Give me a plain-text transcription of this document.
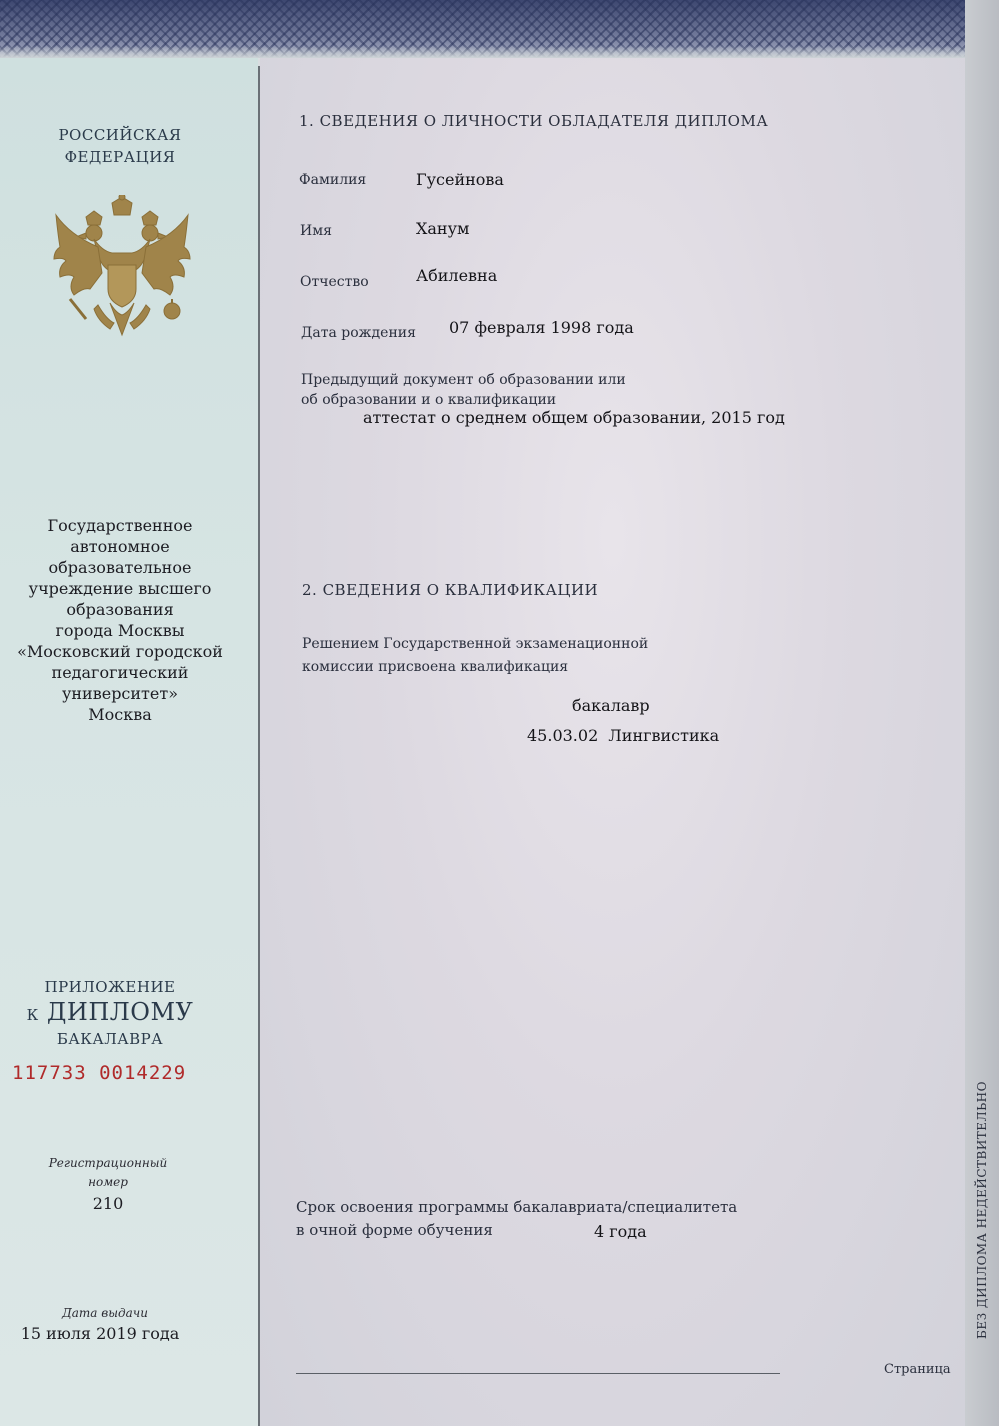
РОССИЙСКАЯ
ФЕДЕРАЦИЯ
Государственное
автономное
образовательное
учреждение высшего
образования
города Москвы
«Московский городской
педагогический
университет»
Москва
ПРИЛОЖЕНИЕ
К ДИПЛОМУ
БАКАЛАВРА
117733 0014229
Регистрационный
номер
210
Дата выдачи
15 июля 2019 года
1. СВЕДЕНИЯ О ЛИЧНОСТИ ОБЛАДАТЕЛЯ ДИПЛОМА
Фамилия	Гусейнова
Имя	Ханум
Отчество	Абилевна
Дата рождения 07 февраля 1998 года
Предыдущий документ об образовании или
об образовании и о квалификации
аттестат о среднем общем образовании, 2015 год
2. СВЕДЕНИЯ О КВАЛИФИКАЦИИ
Решением Государственной экзаменационной
комиссии присвоена квалификация
бакалавр
45.03.02  Лингвистика
Срок освоения программы бакалавриата/специалитета
в очной форме обучения	4 года
Страница
БЕЗ ДИПЛОМА НЕДЕЙСТВИТЕЛЬНО
